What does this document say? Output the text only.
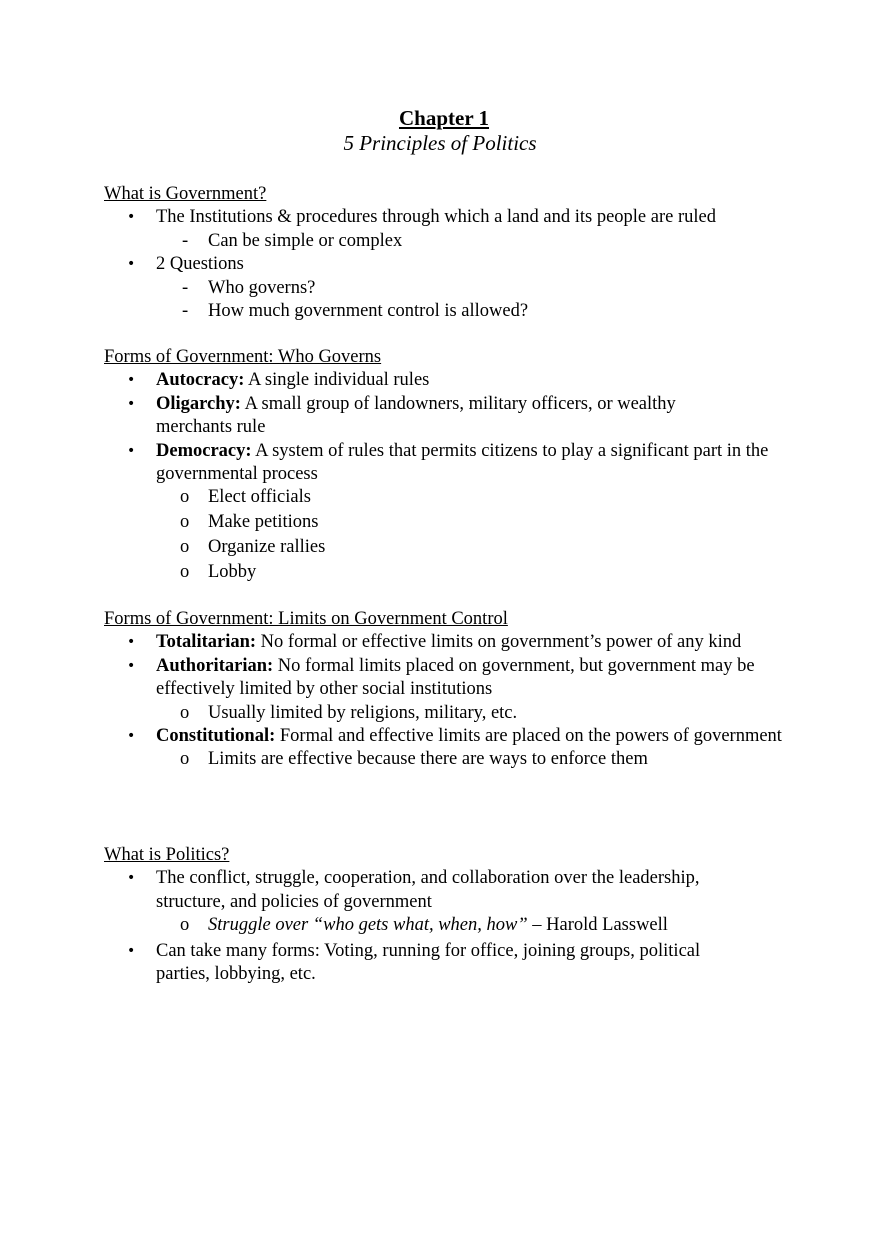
Chapter 1
5 Principles of Politics
What is Government?
• The Institutions & procedures through which a land and its people are ruled
- Can be simple or complex
• 2 Questions
- Who governs?
- How much government control is allowed?
Forms of Government: Who Governs
• Autocracy: A single individual rules
• Oligarchy: A small group of landowners, military officers, or wealthy merchants rule
• Democracy: A system of rules that permits citizens to play a significant part in the governmental process
o Elect officials
o Make petitions
o Organize rallies
o Lobby
Forms of Government: Limits on Government Control
• Totalitarian: No formal or effective limits on government’s power of any kind
• Authoritarian: No formal limits placed on government, but government may be effectively limited by other social institutions
o Usually limited by religions, military, etc.
• Constitutional: Formal and effective limits are placed on the powers of government
o Limits are effective because there are ways to enforce them
What is Politics?
• The conflict, struggle, cooperation, and collaboration over the leadership, structure, and policies of government
o Struggle over “who gets what, when, how” – Harold Lasswell
• Can take many forms: Voting, running for office, joining groups, political parties, lobbying, etc.
